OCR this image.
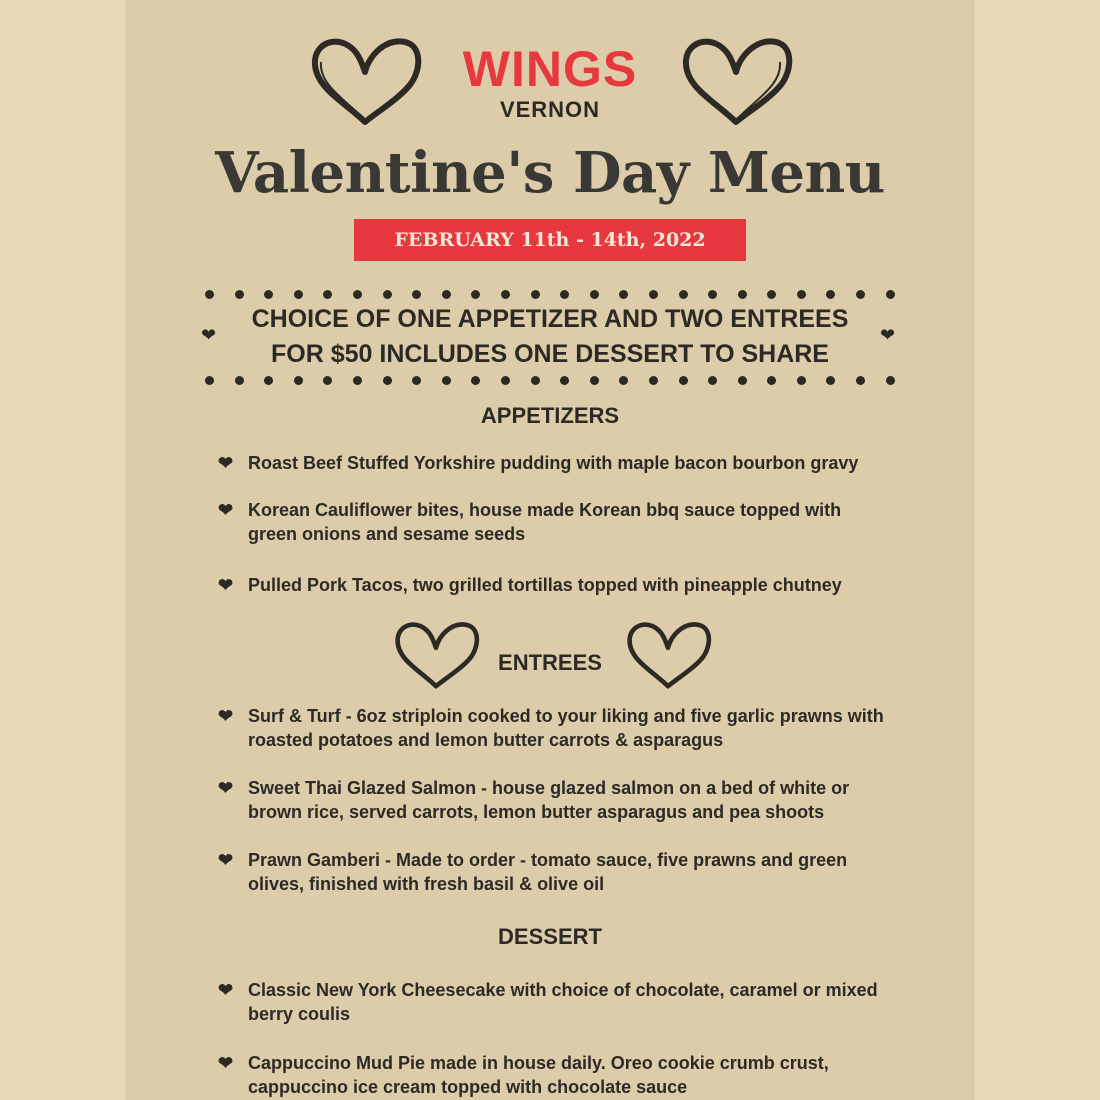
WINGS
VERNON
Valentine's Day Menu
FEBRUARY 11th - 14th, 2022
❤	❤
CHOICE OF ONE APPETIZER AND TWO ENTREES
FOR $50 INCLUDES ONE DESSERT TO SHARE
APPETIZERS
❤ Roast Beef Stuffed Yorkshire pudding with maple bacon bourbon gravy
❤ Korean Cauliflower bites, house made Korean bbq sauce topped with
green onions and sesame seeds
❤ Pulled Pork Tacos, two grilled tortillas topped with pineapple chutney
ENTREES
❤ Surf & Turf - 6oz striploin cooked to your liking and five garlic prawns with
roasted potatoes and lemon butter carrots & asparagus
❤ Sweet Thai Glazed Salmon - house glazed salmon on a bed of white or
brown rice, served carrots, lemon butter asparagus and pea shoots
❤ Prawn Gamberi - Made to order - tomato sauce, five prawns and green
olives, finished with fresh basil & olive oil
DESSERT
❤ Classic New York Cheesecake with choice of chocolate, caramel or mixed
berry coulis
❤ Cappuccino Mud Pie made in house daily. Oreo cookie crumb crust,
cappuccino ice cream topped with chocolate sauce
